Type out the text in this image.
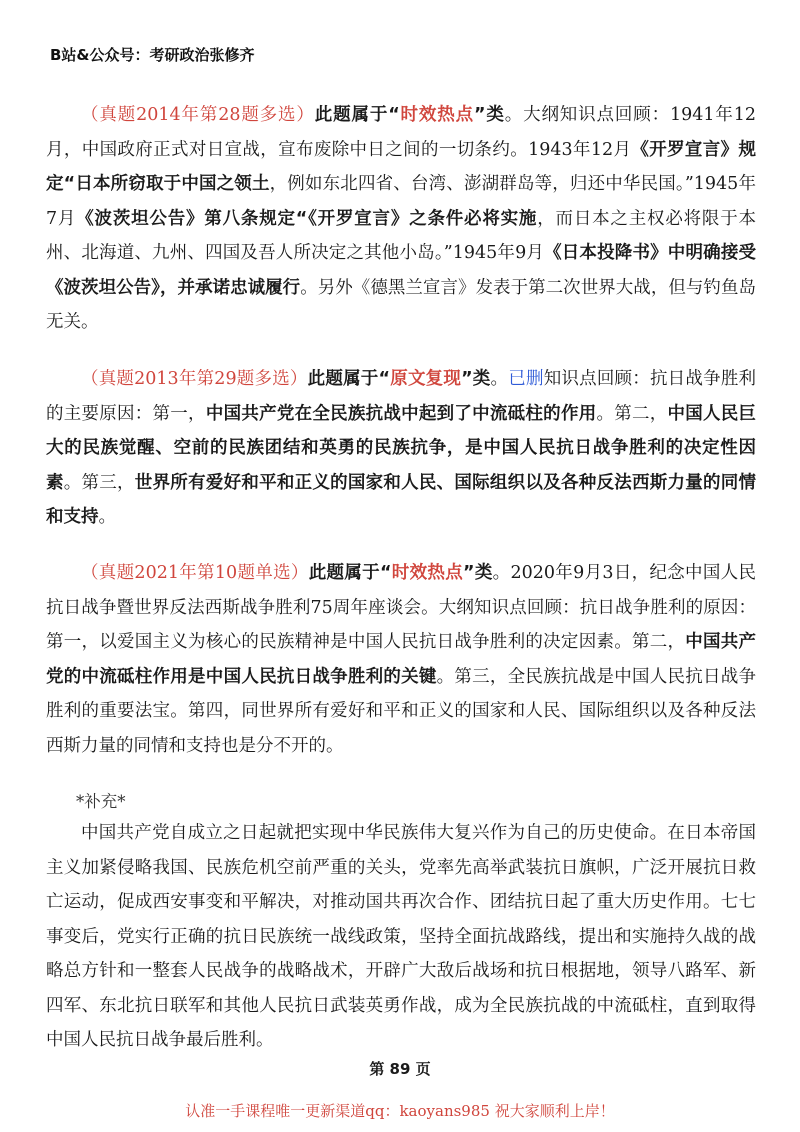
B站&公众号：考研政治张修齐
（真题2014年第28题多选）此题属于“时效热点”类。大纲知识点回顾：1941年12月，中国政府正式对日宣战，宣布废除中日之间的一切条约。1943年12月《开罗宣言》规定“日本所窃取于中国之领土，例如东北四省、台湾、澎湖群岛等，归还中华民国。”1945年7月《波茨坦公告》第八条规定“《开罗宣言》之条件必将实施，而日本之主权必将限于本州、北海道、九州、四国及吾人所决定之其他小岛。”1945年9月《日本投降书》中明确接受《波茨坦公告》，并承诺忠诚履行。另外《德黑兰宣言》发表于第二次世界大战，但与钓鱼岛无关。
（真题2013年第29题多选）此题属于“原文复现”类。已删知识点回顾：抗日战争胜利的主要原因：第一，中国共产党在全民族抗战中起到了中流砥柱的作用。第二，中国人民巨大的民族觉醒、空前的民族团结和英勇的民族抗争，是中国人民抗日战争胜利的决定性因素。第三，世界所有爱好和平和正义的国家和人民、国际组织以及各种反法西斯力量的同情和支持。
（真题2021年第10题单选）此题属于“时效热点”类。2020年9月3日，纪念中国人民抗日战争暨世界反法西斯战争胜利75周年座谈会。大纲知识点回顾：抗日战争胜利的原因：第一，以爱国主义为核心的民族精神是中国人民抗日战争胜利的决定因素。第二，中国共产党的中流砥柱作用是中国人民抗日战争胜利的关键。第三，全民族抗战是中国人民抗日战争胜利的重要法宝。第四，同世界所有爱好和平和正义的国家和人民、国际组织以及各种反法西斯力量的同情和支持也是分不开的。
*补充*
中国共产党自成立之日起就把实现中华民族伟大复兴作为自己的历史使命。在日本帝国主义加紧侵略我国、民族危机空前严重的关头，党率先高举武装抗日旗帜，广泛开展抗日救亡运动，促成西安事变和平解决，对推动国共再次合作、团结抗日起了重大历史作用。七七事变后，党实行正确的抗日民族统一战线政策，坚持全面抗战路线，提出和实施持久战的战略总方针和一整套人民战争的战略战术，开辟广大敌后战场和抗日根据地，领导八路军、新四军、东北抗日联军和其他人民抗日武装英勇作战，成为全民族抗战的中流砥柱，直到取得中国人民抗日战争最后胜利。
第 89 页
认准一手课程唯一更新渠道qq：kaoyans985 祝大家顺利上岸！
